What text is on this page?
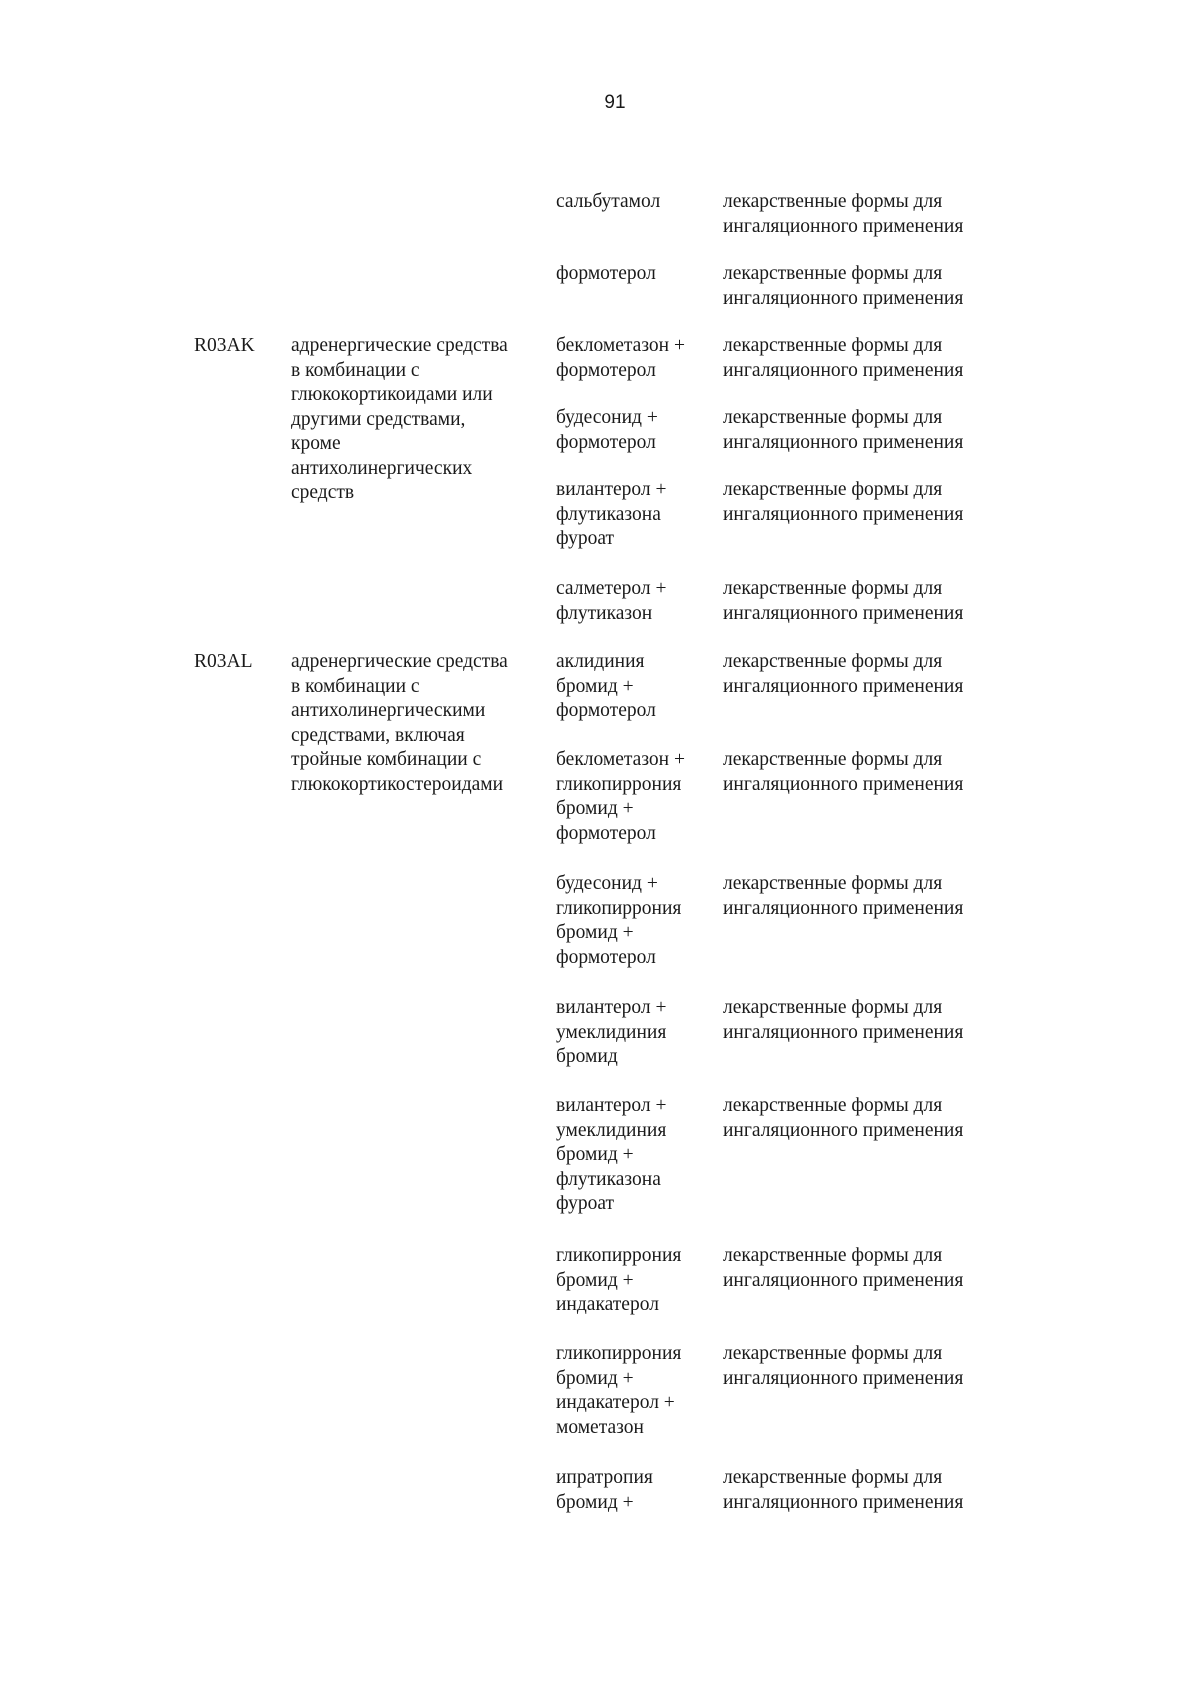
91
R03AK адренергические средства
в комбинации с
глюкокортикоидами или
другими средствами,
кроме
антихолинергических
средств
R03AL адренергические средства
в комбинации с
антихолинергическими
средствами, включая
тройные комбинации с
глюкокортикостероидами
сальбутамол	лекарственные формы для
ингаляционного применения
формотерол	лекарственные формы для
ингаляционного применения
беклометазон +
формотерол
лекарственные формы для
ингаляционного применения
будесонид +
формотерол
лекарственные формы для
ингаляционного применения
вилантерол +
флутиказона
фуроат
лекарственные формы для
ингаляционного применения
салметерол +
флутиказон
лекарственные формы для
ингаляционного применения
аклидиния
бромид +
формотерол
лекарственные формы для
ингаляционного применения
беклометазон +
гликопиррония
бромид +
формотерол
лекарственные формы для
ингаляционного применения
будесонид +
гликопиррония
бромид +
формотерол
лекарственные формы для
ингаляционного применения
вилантерол +
умеклидиния
бромид
лекарственные формы для
ингаляционного применения
вилантерол +
умеклидиния
бромид +
флутиказона
фуроат
лекарственные формы для
ингаляционного применения
гликопиррония
бромид +
индакатерол
лекарственные формы для
ингаляционного применения
гликопиррония
бромид +
индакатерол +
мометазон
лекарственные формы для
ингаляционного применения
ипратропия
бромид +
лекарственные формы для
ингаляционного применения
